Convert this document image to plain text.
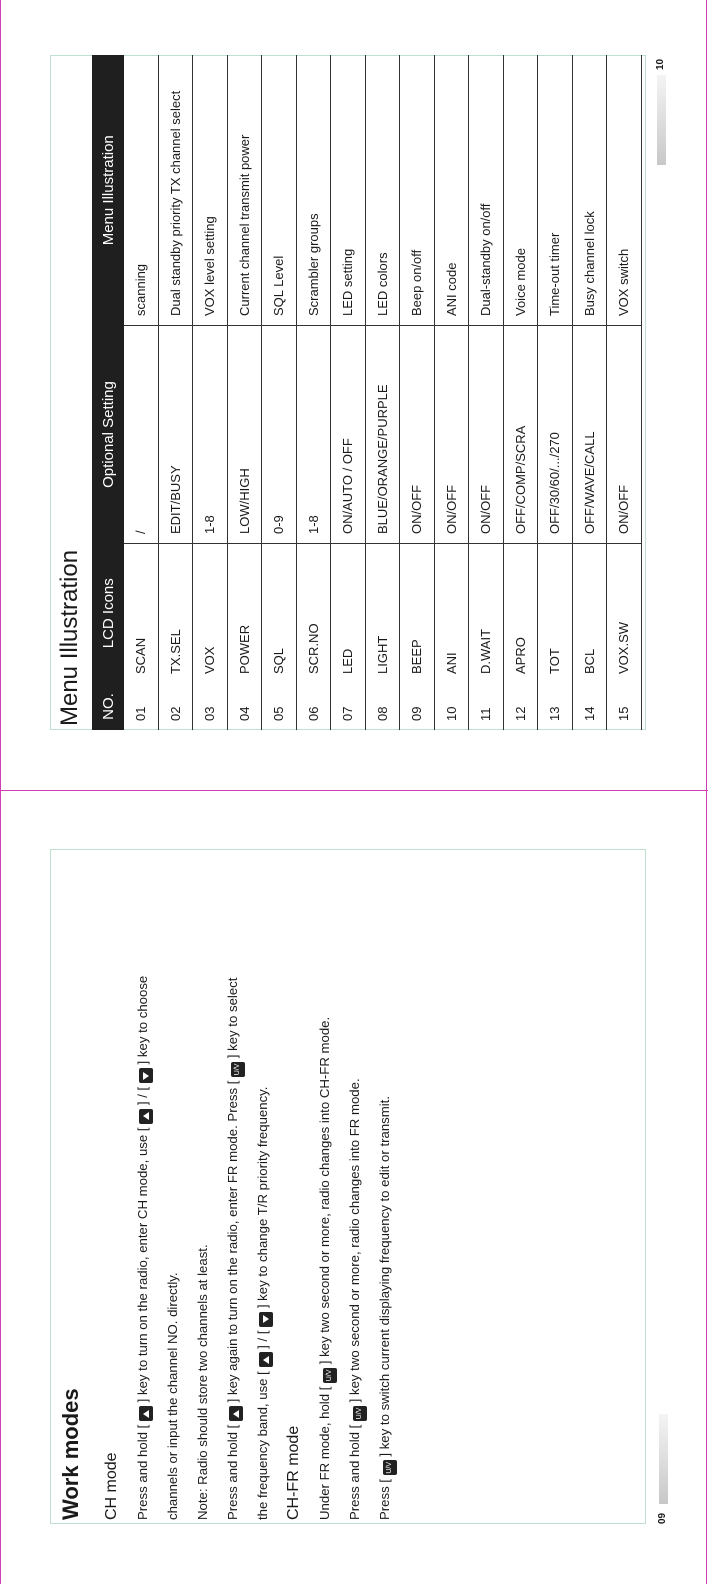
Work modes	CH mode	Press and hold [  ] key to turn on the radio, enter CH mode, use [  ] / [  ] key to choose
channels or input the channel NO. directly.	Note: Radio should store two channels at least.	Press and hold [  ] key again to turn on the radio, enter FR mode. Press [ U/V ] key to select
the frequency band, use [  ] / [  ] key to change T/R priority frequency.
CH-FR mode	Under FR mode, hold [ U/V ] key two second or more, radio changes into CH-FR mode.
Press and hold [ U/V ] key two second or more, radio changes into FR mode.
Press [ U/V ] key to switch current displaying frequency to edit or transmit.
09
Menu Illustration NO.	LCD Icons	Optional Setting	Menu Illustration
01	SCAN	/	scanning
02	TX.SEL	EDIT/BUSY	Dual standby priority TX channel select
03	VOX	1-8	VOX level setting
04	POWER	LOW/HIGH	Current channel transmit power
05	SQL	0-9	SQL Level
06	SCR.NO	1-8	Scrambler groups
07	LED	ON/AUTO / OFF	LED setting
08	LIGHT	BLUE/ORANGE/PURPLE	LED colors
09	BEEP	ON/OFF	Beep on/off
10	ANI	ON/OFF	ANI code
11	D.WAIT	ON/OFF	Dual-standby on/off
12	APRO	OFF/COMP/SCRA	Voice mode
13	TOT	OFF/30/60/.../270	Time-out timer
14	BCL	OFF/WAVE/CALL	Busy channel lock
15	VOX.SW	ON/OFF	VOX switch
10
